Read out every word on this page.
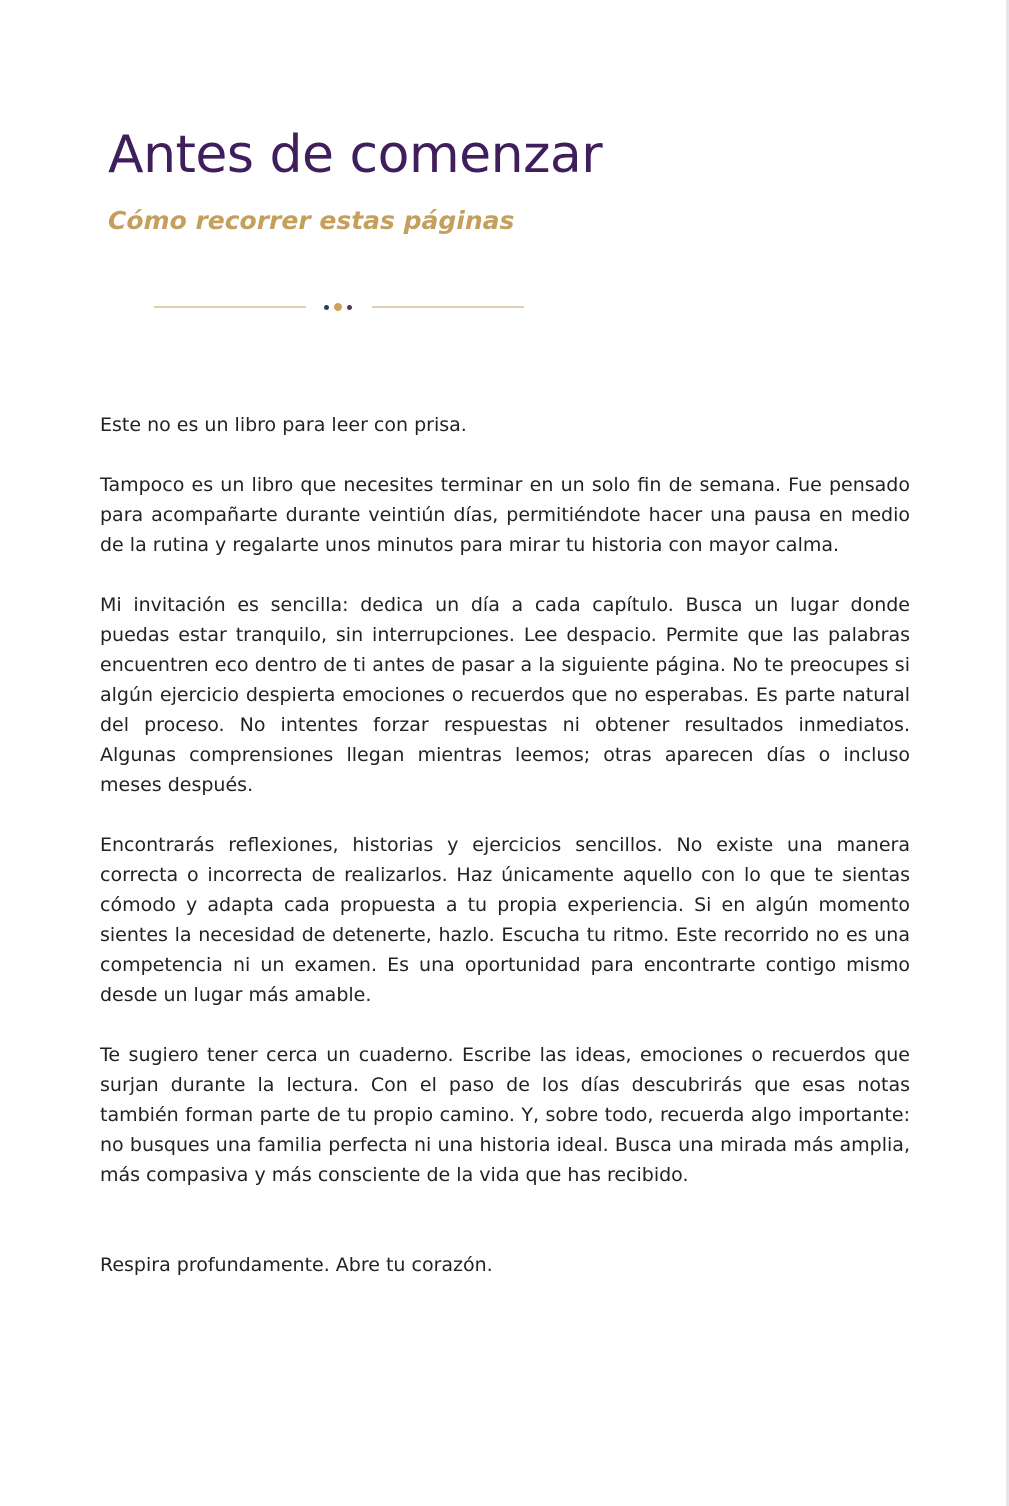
Antes de comenzar
Cómo recorrer estas páginas

Este no es un libro para leer con prisa.

Tampoco es un libro que necesites terminar en un solo fin de semana. Fue pensado para acompañarte durante veintiún días, permitiéndote hacer una pausa en medio de la rutina y regalarte unos minutos para mirar tu historia con mayor calma.

Mi invitación es sencilla: dedica un día a cada capítulo. Busca un lugar donde puedas estar tranquilo, sin interrupciones. Lee despacio. Permite que las palabras encuentren eco dentro de ti antes de pasar a la siguiente página. No te preocupes si algún ejercicio despierta emociones o recuerdos que no esperabas. Es parte natural del proceso. No intentes forzar respuestas ni obtener resultados inmediatos. Algunas comprensiones llegan mientras leemos; otras aparecen días o incluso meses después.

Encontrarás reflexiones, historias y ejercicios sencillos. No existe una manera correcta o incorrecta de realizarlos. Haz únicamente aquello con lo que te sientas cómodo y adapta cada propuesta a tu propia experiencia. Si en algún momento sientes la necesidad de detenerte, hazlo. Escucha tu ritmo. Este recorrido no es una competencia ni un examen. Es una oportunidad para encontrarte contigo mismo desde un lugar más amable.

Te sugiero tener cerca un cuaderno. Escribe las ideas, emociones o recuerdos que surjan durante la lectura. Con el paso de los días descubrirás que esas notas también forman parte de tu propio camino. Y, sobre todo, recuerda algo importante: no busques una familia perfecta ni una historia ideal. Busca una mirada más amplia, más compasiva y más consciente de la vida que has recibido.

Respira profundamente. Abre tu corazón.
